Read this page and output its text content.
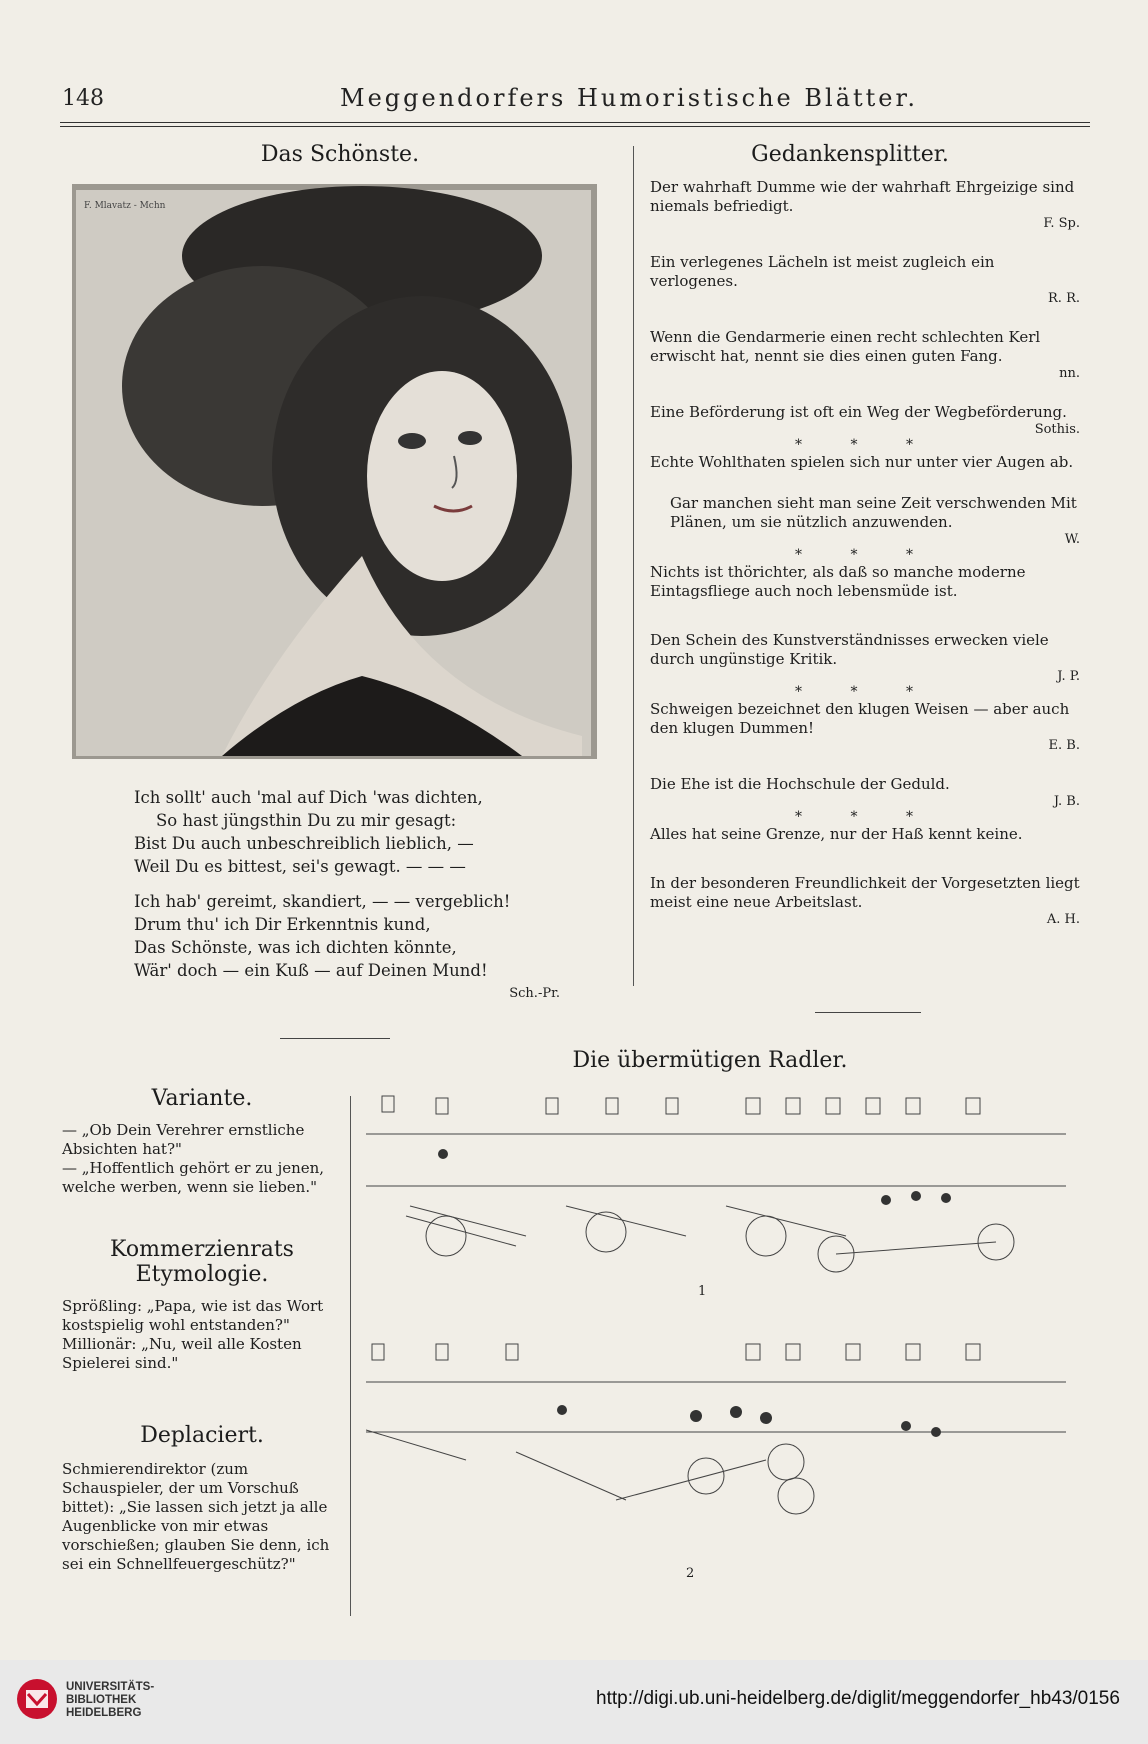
148	Meggendorfers Humoristische Blätter.
Das Schönste.
F. Mlavatz - Mchn
Ich sollt' auch 'mal auf Dich 'was dichten,
So hast jüngsthin Du zu mir gesagt:
Bist Du auch unbeschreiblich lieblich, —
Weil Du es bittest, sei's gewagt. — — —
Ich hab' gereimt, skandiert, — — vergeblich!
Drum thu' ich Dir Erkenntnis kund,
Das Schönste, was ich dichten könnte,
Wär' doch — ein Kuß — auf Deinen Mund!
Sch.-Pr.
Gedankensplitter.
Der wahrhaft Dumme wie der wahrhaft Ehrgeizige sind niemals befriedigt.
F. Sp.
Ein verlegenes Lächeln ist meist zugleich ein verlogenes.
R. R.
Wenn die Gendarmerie einen recht schlechten Kerl erwischt hat, nennt sie dies einen guten Fang.
nn.
Eine Beförderung ist oft ein Weg der Wegbeförderung.
Sothis.
* * *
Echte Wohlthaten spielen sich nur unter vier Augen ab.
Gar manchen sieht man seine Zeit verschwenden Mit Plänen, um sie nützlich anzuwenden.
W.
* * *
Nichts ist thörichter, als daß so manche moderne Eintagsfliege auch noch lebensmüde ist.
Den Schein des Kunstverständnisses erwecken viele durch ungünstige Kritik.
J. P.
* * *
Schweigen bezeichnet den klugen Weisen — aber auch den klugen Dummen!
E. B.
Die Ehe ist die Hochschule der Geduld.
J. B.
* * *
Alles hat seine Grenze, nur der Haß kennt keine.
In der besonderen Freundlichkeit der Vorgesetzten liegt meist eine neue Arbeitslast.
A. H.
Variante.
— „Ob Dein Verehrer ernstliche Absichten hat?"
— „Hoffentlich gehört er zu jenen, welche werben, wenn sie lieben."
Kommerzienrats Etymologie.
Sprößling: „Papa, wie ist das Wort kostspielig wohl entstanden?"
Millionär: „Nu, weil alle Kosten Spielerei sind."
Deplaciert.
Schmierendirektor (zum Schauspieler, der um Vorschuß bittet): „Sie lassen sich jetzt ja alle Augenblicke von mir etwas vorschießen; glauben Sie denn, ich sei ein Schnellfeuergeschütz?"
Die übermütigen Radler.
1
2
UNIVERSITÄTS-
BIBLIOTHEK
HEIDELBERG
http://digi.ub.uni-heidelberg.de/diglit/meggendorfer_hb43/0156
